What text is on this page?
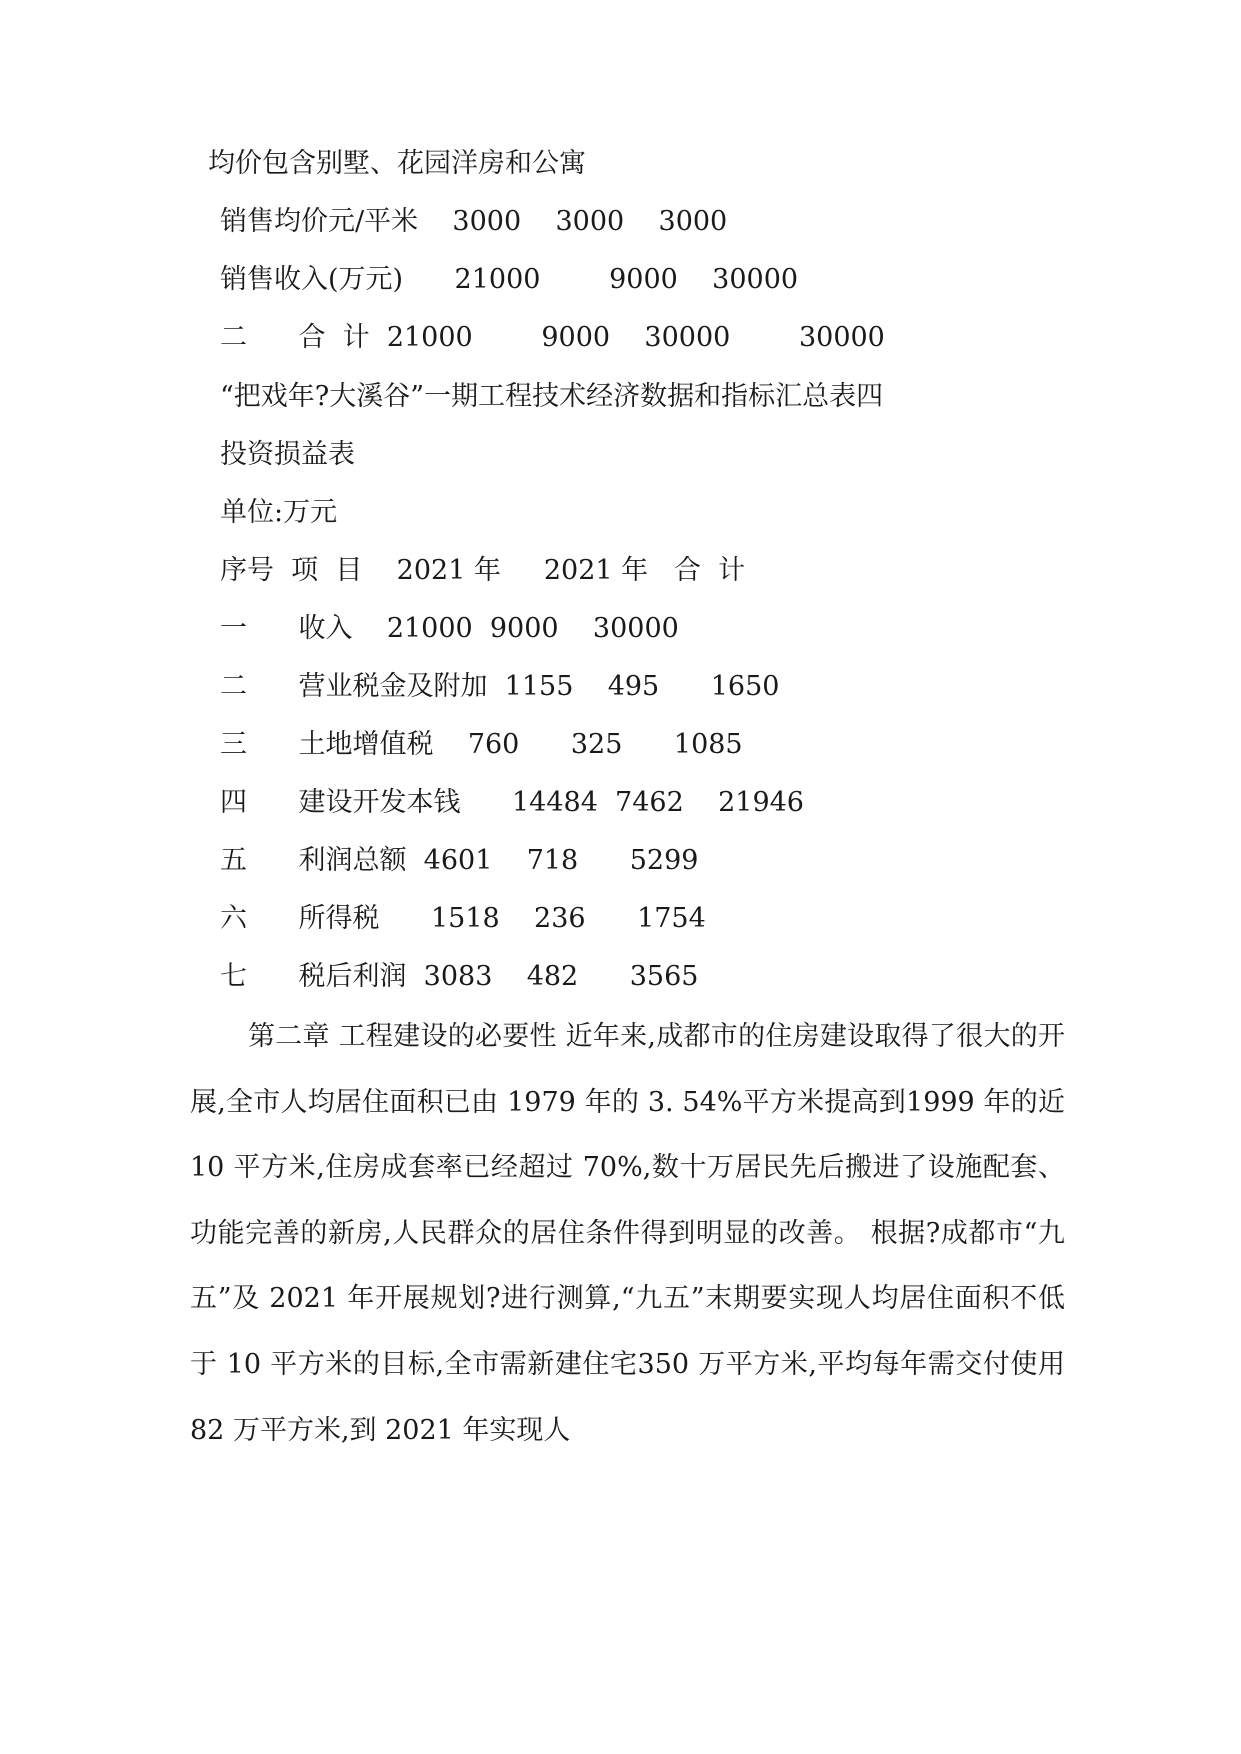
均价包含别墅、花园洋房和公寓
销售均价元/平米    3000    3000    3000
销售收入(万元)      21000        9000    30000
二      合  计  21000        9000    30000        30000
“把戏年?大溪谷”一期工程技术经济数据和指标汇总表四
投资损益表
单位:万元
序号  项  目    2021 年     2021 年   合  计
一      收入    21000  9000    30000
二      营业税金及附加  1155    495      1650
三      土地增值税    760      325      1085
四      建设开发本钱      14484  7462    21946
五      利润总额  4601    718      5299
六      所得税      1518    236      1754
七      税后利润  3083    482      3565
第二章 工程建设的必要性 近年来,成都市的住房建设取得了很大的开展,全市人均居住面积已由 1979 年的 3. 54%平方米提高到1999 年的近 10 平方米,住房成套率已经超过 70%,数十万居民先后搬进了设施配套、功能完善的新房,人民群众的居住条件得到明显的改善。 根据?成都市“九五”及 2021 年开展规划?进行测算,“九五”末期要实现人均居住面积不低于 10 平方米的目标,全市需新建住宅350 万平方米,平均每年需交付使用 82 万平方米,到 2021 年实现人
